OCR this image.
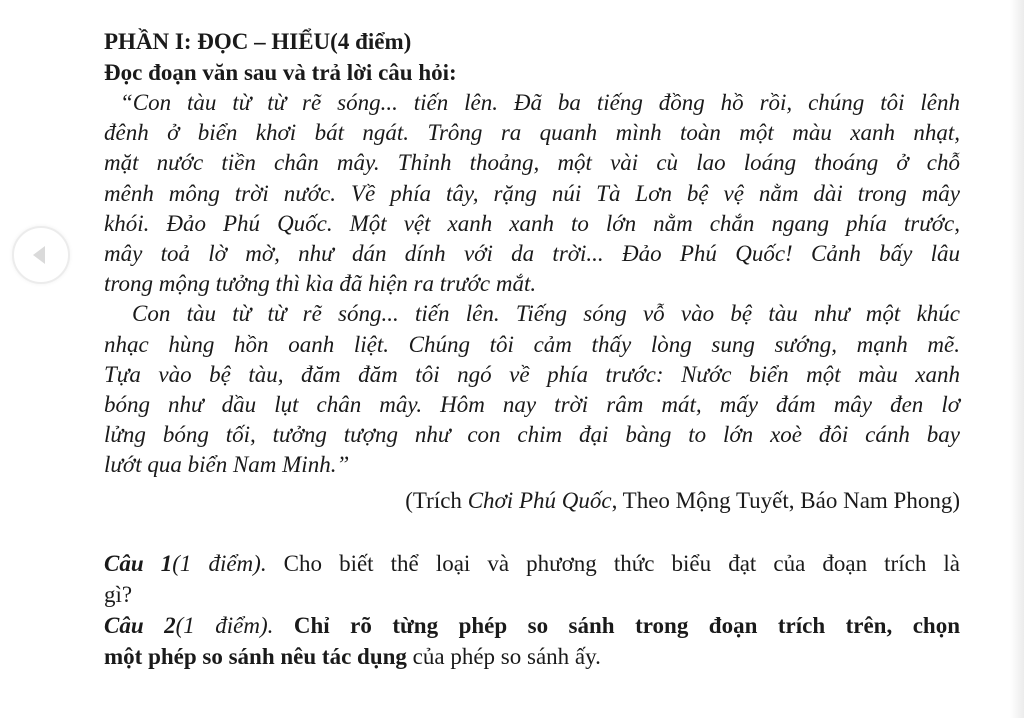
PHẦN I: ĐỌC – HIỂU(4 điểm)
Đọc đoạn văn sau và trả lời câu hỏi:
“Con tàu từ từ rẽ sóng... tiến lên. Đã ba tiếng đồng hồ rồi, chúng tôi lênh
đênh ở biển khơi bát ngát. Trông ra quanh mình toàn một màu xanh nhạt,
mặt nước tiền chân mây. Thỉnh thoảng, một vài cù lao loáng thoáng ở chỗ
mênh mông trời nước. Về phía tây, rặng núi Tà Lơn bệ vệ nằm dài trong mây
khói. Đảo Phú Quốc. Một vệt xanh xanh to lớn nằm chắn ngang phía trước,
mây toả lờ mờ, như dán dính với da trời... Đảo Phú Quốc! Cảnh bấy lâu
trong mộng tưởng thì kìa đã hiện ra trước mắt.
Con tàu từ từ rẽ sóng... tiến lên. Tiếng sóng vỗ vào bệ tàu như một khúc
nhạc hùng hồn oanh liệt. Chúng tôi cảm thấy lòng sung sướng, mạnh mẽ.
Tựa vào bệ tàu, đăm đăm tôi ngó về phía trước: Nước biển một màu xanh
bóng như dầu lụt chân mây. Hôm nay trời râm mát, mấy đám mây đen lơ
lửng bóng tối, tưởng tượng như con chim đại bàng to lớn xoè đôi cánh bay
lướt qua biển Nam Minh.”
(Trích Chơi Phú Quốc, Theo Mộng Tuyết, Báo Nam Phong)
Câu 1(1 điểm). Cho biết thể loại và phương thức biểu đạt của đoạn trích là
gì?
Câu 2(1 điểm). Chỉ rõ từng phép so sánh trong đoạn trích trên, chọn
một phép so sánh nêu tác dụng của phép so sánh ấy.
